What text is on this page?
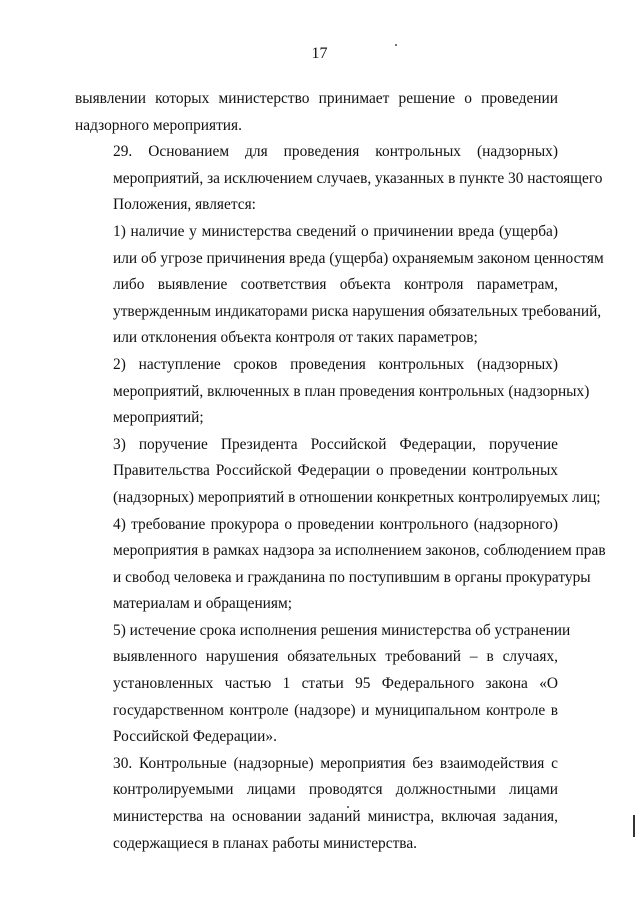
17

выявлении которых министерство принимает решение о проведении
надзорного мероприятия.

29. Основанием для проведения контрольных (надзорных)
мероприятий, за исключением случаев, указанных в пункте 30 настоящего
Положения, является:

1) наличие у министерства сведений о причинении вреда (ущерба)
или об угрозе причинения вреда (ущерба) охраняемым законом ценностям
либо выявление соответствия объекта контроля параметрам,
утвержденным индикаторами риска нарушения обязательных требований,
или отклонения объекта контроля от таких параметров;

2) наступление сроков проведения контрольных (надзорных)
мероприятий, включенных в план проведения контрольных (надзорных)
мероприятий;

3) поручение Президента Российской Федерации, поручение
Правительства Российской Федерации о проведении контрольных
(надзорных) мероприятий в отношении конкретных контролируемых лиц;

4) требование прокурора о проведении контрольного (надзорного)
мероприятия в рамках надзора за исполнением законов, соблюдением прав
и свобод человека и гражданина по поступившим в органы прокуратуры
материалам и обращениям;

5) истечение срока исполнения решения министерства об устранении
выявленного нарушения обязательных требований – в случаях,
установленных частью 1 статьи 95 Федерального закона «О
государственном контроле (надзоре) и муниципальном контроле в
Российской Федерации».

30. Контрольные (надзорные) мероприятия без взаимодействия с
контролируемыми лицами проводятся должностными лицами
министерства на основании заданий министра, включая задания,
содержащиеся в планах работы министерства.
